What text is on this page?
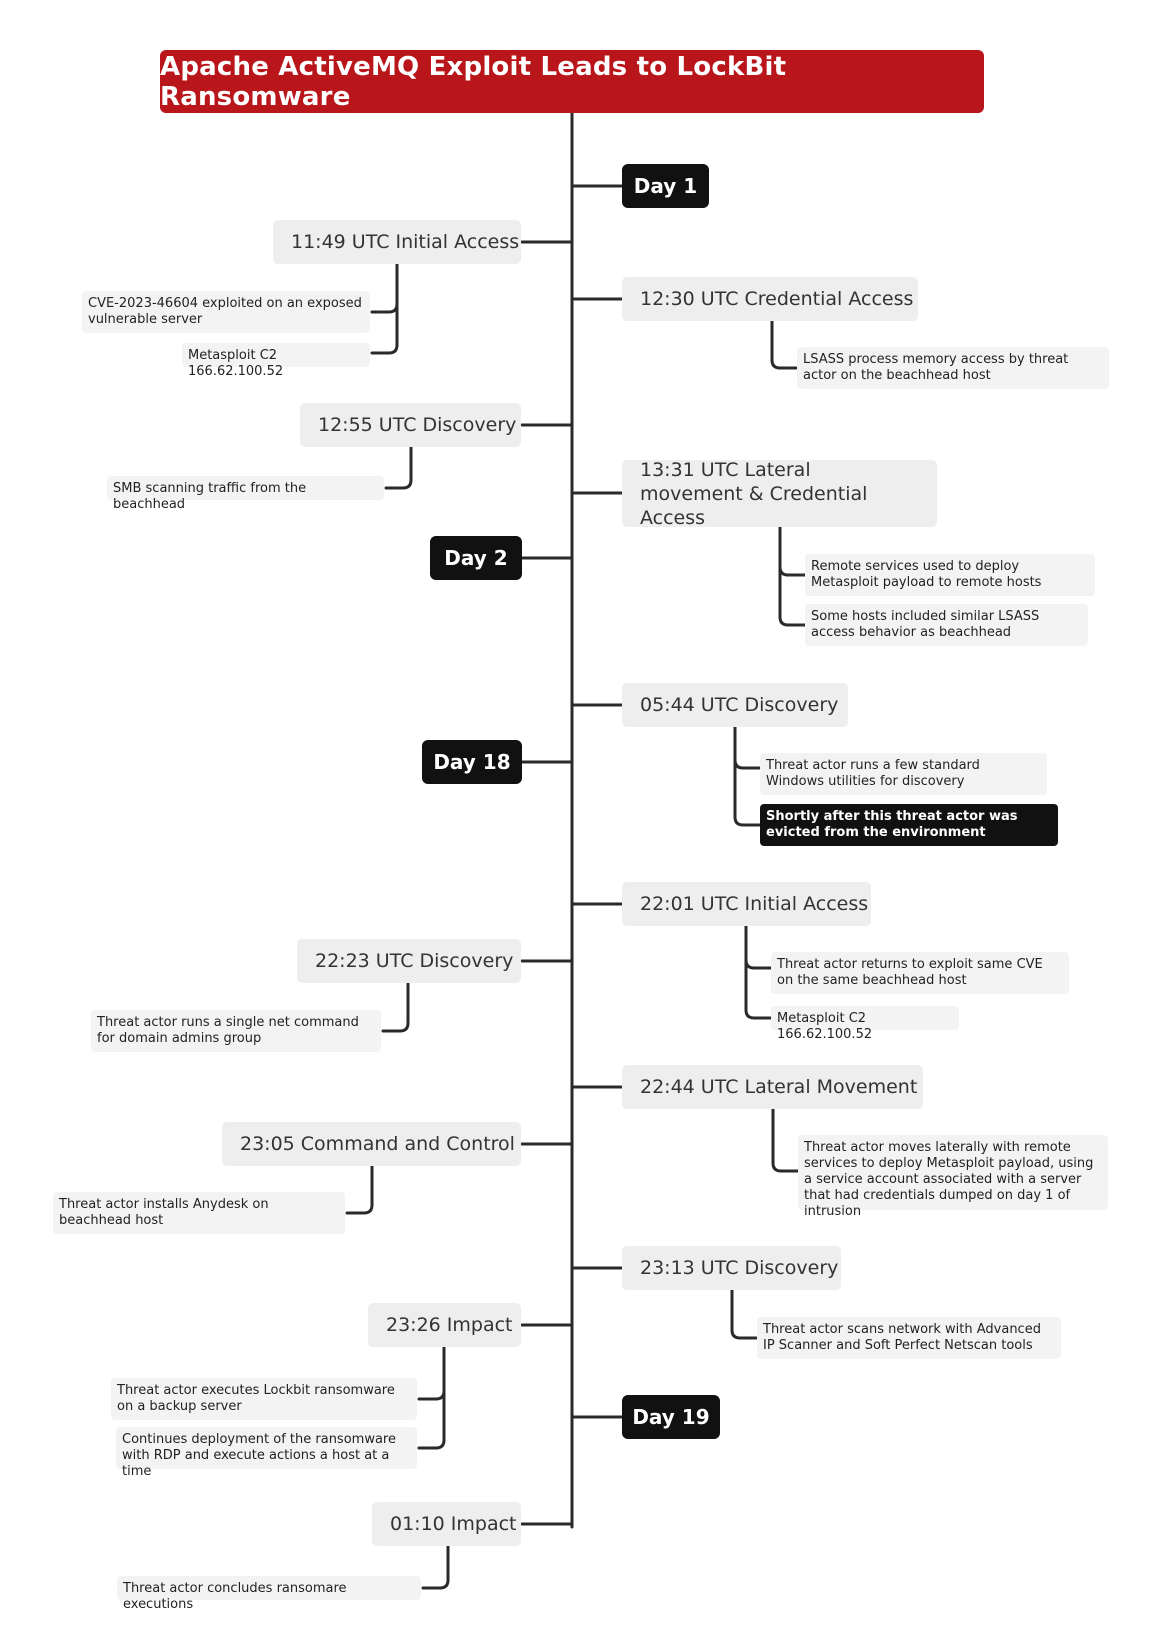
Apache ActiveMQ Exploit Leads to LockBit Ransomware
Day 1
Day 2
Day 18
Day 19
11:49 UTC Initial Access
CVE-2023-46604 exploited on an exposed vulnerable server
Metasploit C2 166.62.100.52
12:30 UTC Credential Access
LSASS process memory access by threat actor on the beachhead host
12:55 UTC Discovery
SMB scanning traffic from the beachhead
13:31 UTC Lateral movement & Credential Access
Remote services used to deploy Metasploit payload to remote hosts
Some hosts included similar LSASS access behavior as beachhead
05:44 UTC Discovery
Threat actor runs a few standard Windows utilities for discovery
Shortly after this threat actor was evicted from the environment
22:01 UTC Initial Access
Threat actor returns to exploit same CVE on the same beachhead host
Metasploit C2 166.62.100.52
22:23 UTC Discovery
Threat actor runs a single net command for domain admins group
22:44 UTC Lateral Movement
Threat actor moves laterally with remote services to deploy Metasploit payload, using a service account associated with a server that had credentials dumped on day 1 of intrusion
23:05 Command and Control
Threat actor installs Anydesk on beachhead host
23:13 UTC Discovery
Threat actor scans network with Advanced IP Scanner and Soft Perfect Netscan tools
23:26 Impact
Threat actor executes Lockbit ransomware on a backup server
Continues deployment of the ransomware with RDP and execute actions a host at a time
01:10 Impact
Threat actor concludes ransomare executions
